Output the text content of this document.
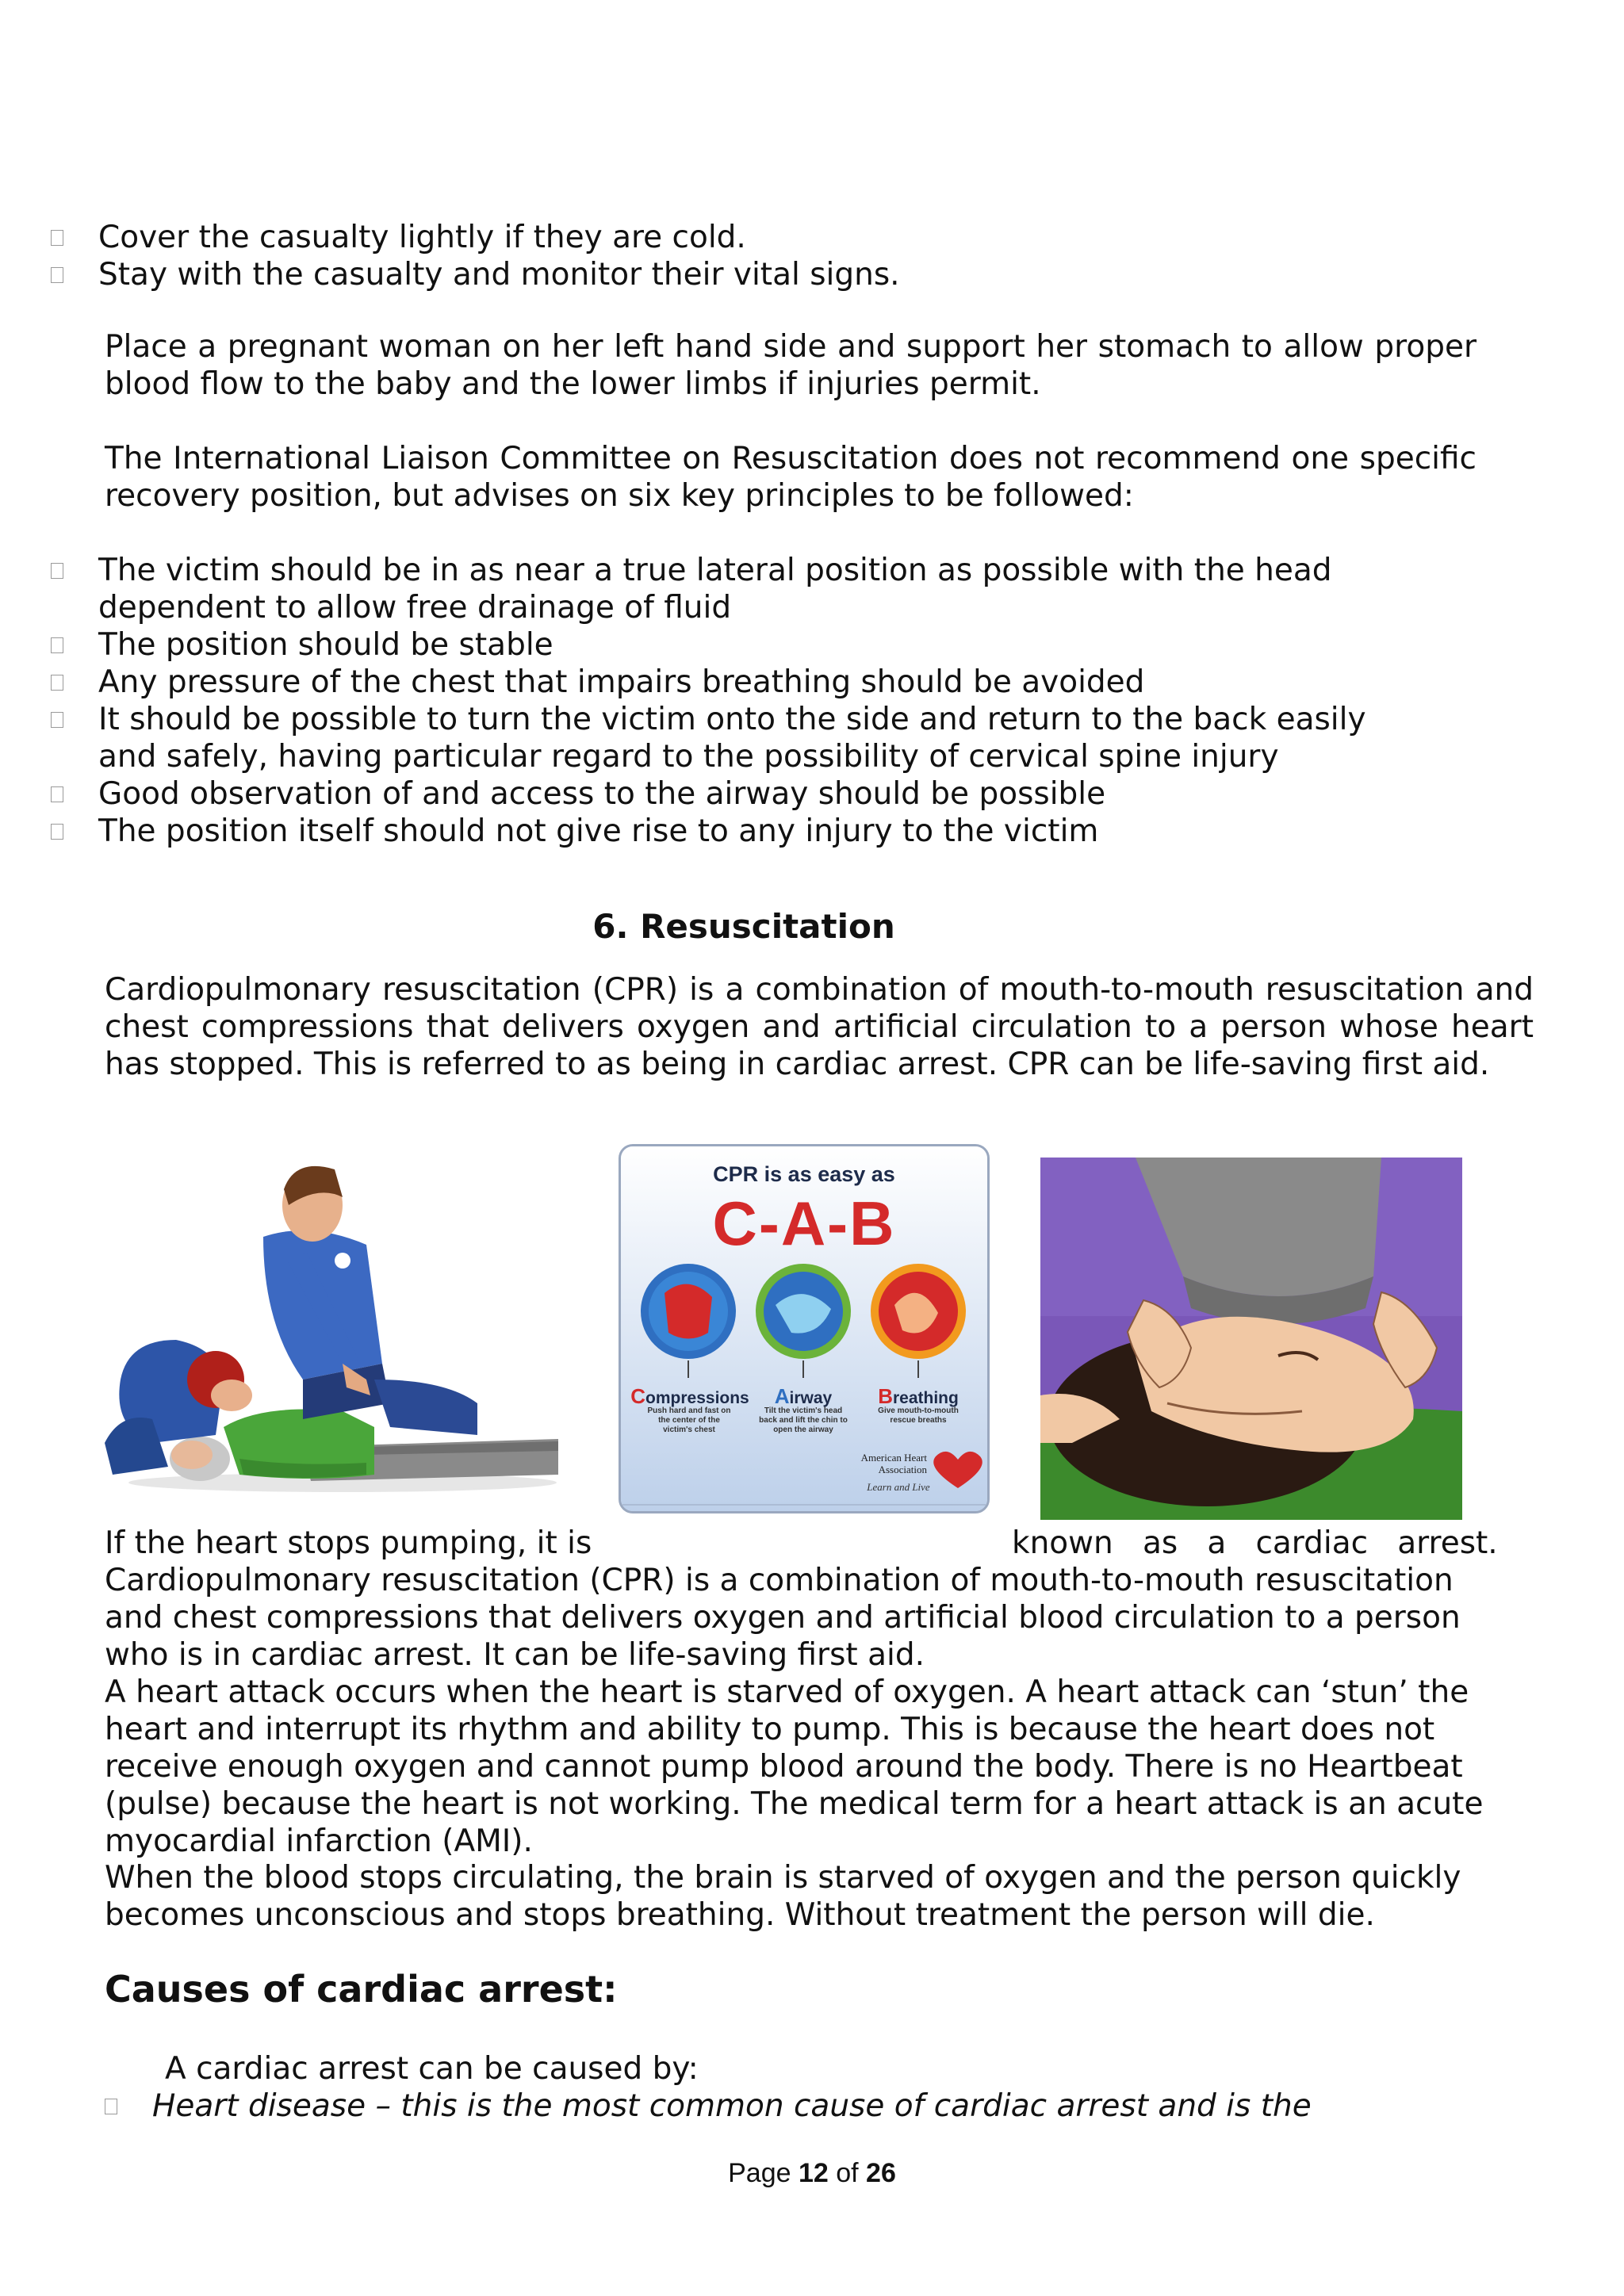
Cover the casualty lightly if they are cold.
Stay with the casualty and monitor their vital signs.

Place a pregnant woman on her left hand side and support her stomach to allow proper blood flow to the baby and the lower limbs if injuries permit.

The International Liaison Committee on Resuscitation does not recommend one specific recovery position, but advises on six key principles to be followed:

The victim should be in as near a true lateral position as possible with the head dependent to allow free drainage of fluid
The position should be stable
Any pressure of the chest that impairs breathing should be avoided
It should be possible to turn the victim onto the side and return to the back easily and safely, having particular regard to the possibility of cervical spine injury
Good observation of and access to the airway should be possible
The position itself should not give rise to any injury to the victim
6. Resuscitation

Cardiopulmonary resuscitation (CPR) is a combination of mouth-to-mouth resuscitation and chest compressions that delivers oxygen and artificial circulation to a person whose heart has stopped. This is referred to as being in cardiac arrest. CPR can be life-saving first aid.

CPR is as easy as
C-A-B
Compressions
Push hard and fast on the center of the victim's chest
Airway
Tilt the victim's head back and lift the chin to open the airway
Breathing
Give mouth-to-mouth rescue breaths
American Heart Association
Learn and Live
If the heart stops pumping, it is	known   as   a   cardiac   arrest.

Cardiopulmonary resuscitation (CPR) is a combination of mouth-to-mouth resuscitation and chest compressions that delivers oxygen and artificial blood circulation to a person who is in cardiac arrest. It can be life-saving first aid.

A heart attack occurs when the heart is starved of oxygen. A heart attack can ‘stun’ the heart and interrupt its rhythm and ability to pump. This is because the heart does not receive enough oxygen and cannot pump blood around the body. There is no Heartbeat (pulse) because the heart is not working. The medical term for a heart attack is an acute myocardial infarction (AMI).

When the blood stops circulating, the brain is starved of oxygen and the person quickly becomes unconscious and stops breathing. Without treatment the person will die.

Causes of cardiac arrest:
A cardiac arrest can be caused by:
Heart disease – this is the most common cause of cardiac arrest and is the
Page 12 of 26
